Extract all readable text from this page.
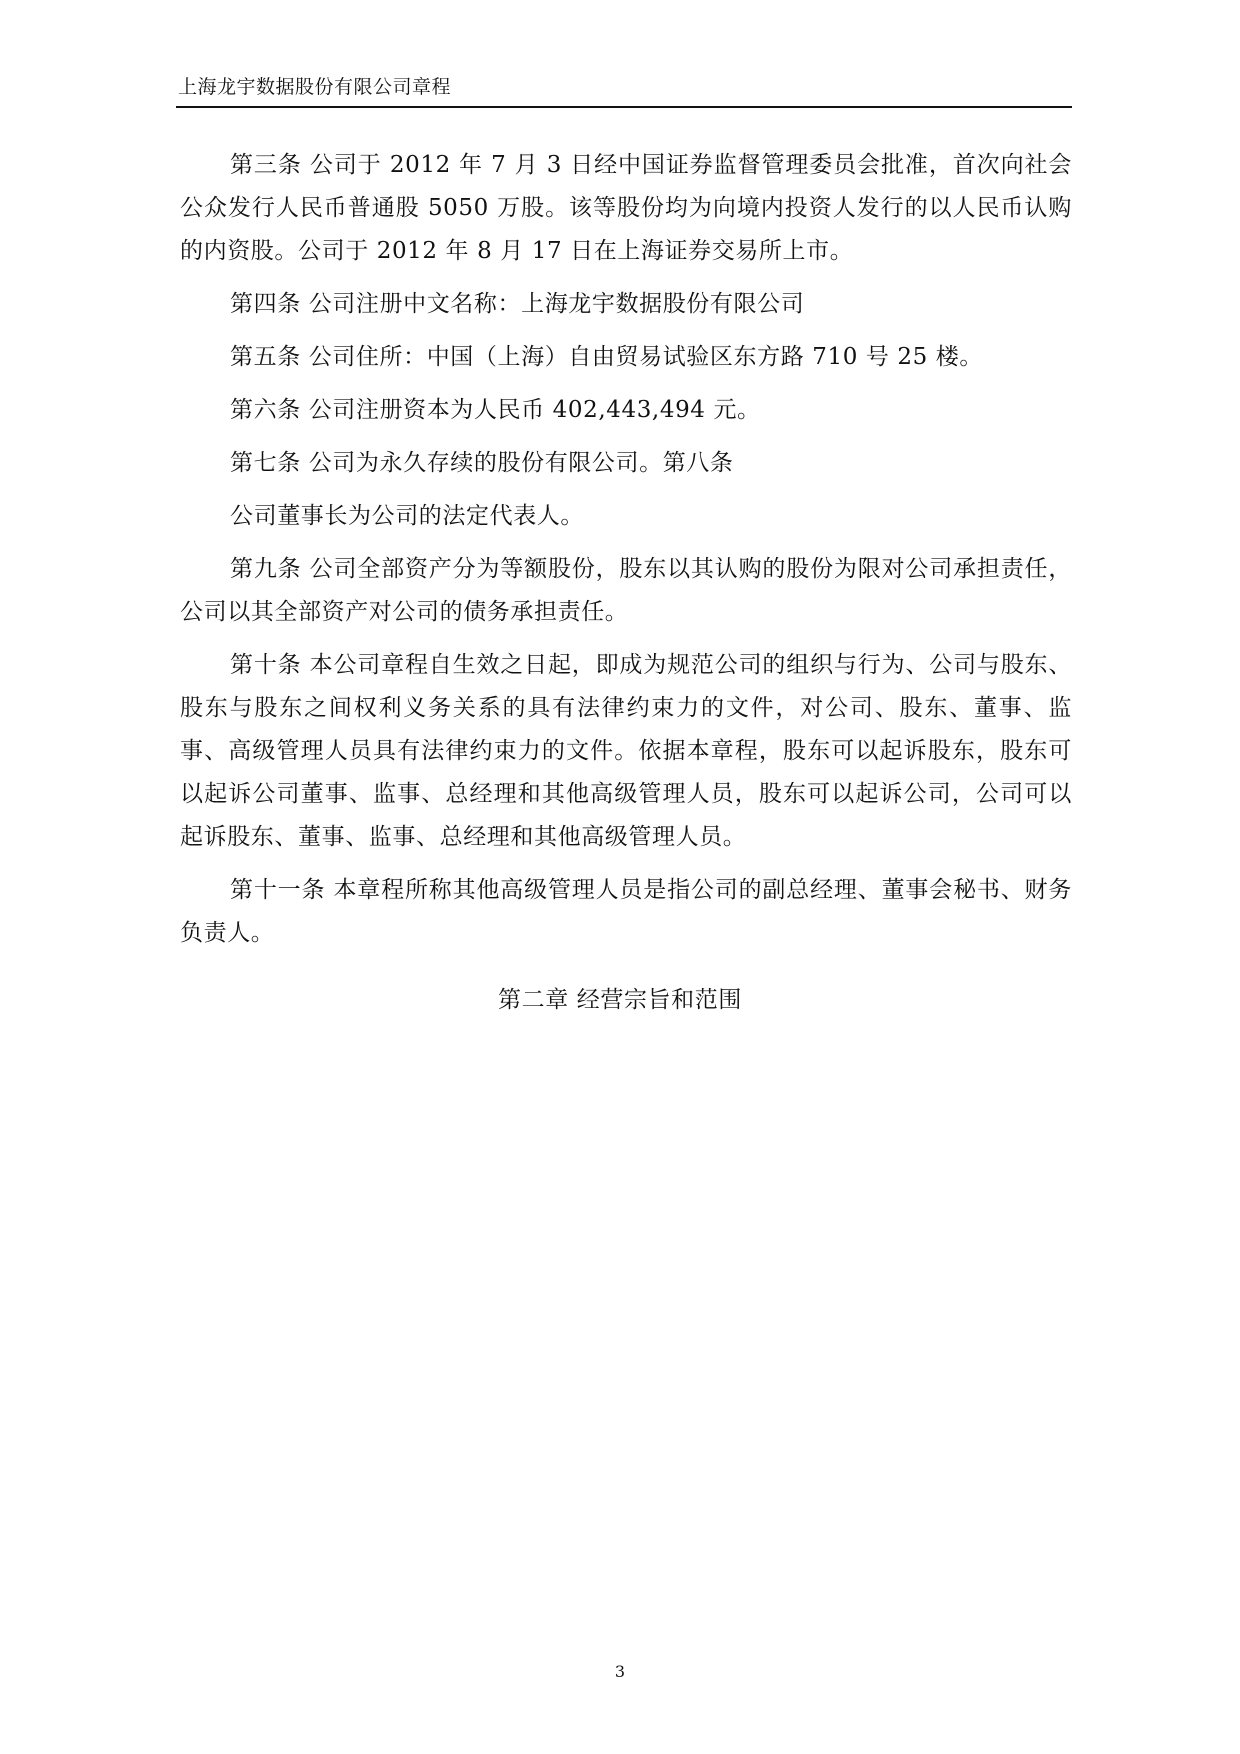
上海龙宇数据股份有限公司章程

第三条 公司于 2012 年 7 月 3 日经中国证券监督管理委员会批准，首次向社会公众发行人民币普通股 5050 万股。该等股份均为向境内投资人发行的以人民币认购的内资股。公司于 2012 年 8 月 17 日在上海证券交易所上市。

第四条 公司注册中文名称：上海龙宇数据股份有限公司

第五条 公司住所：中国（上海）自由贸易试验区东方路 710 号 25 楼。

第六条 公司注册资本为人民币 402,443,494 元。

第七条 公司为永久存续的股份有限公司。第八条

公司董事长为公司的法定代表人。

第九条 公司全部资产分为等额股份，股东以其认购的股份为限对公司承担责任，公司以其全部资产对公司的债务承担责任。

第十条 本公司章程自生效之日起，即成为规范公司的组织与行为、公司与股东、股东与股东之间权利义务关系的具有法律约束力的文件，对公司、股东、董事、监事、高级管理人员具有法律约束力的文件。依据本章程，股东可以起诉股东，股东可以起诉公司董事、监事、总经理和其他高级管理人员，股东可以起诉公司，公司可以起诉股东、董事、监事、总经理和其他高级管理人员。

第十一条 本章程所称其他高级管理人员是指公司的副总经理、董事会秘书、财务负责人。

第二章 经营宗旨和范围
3
